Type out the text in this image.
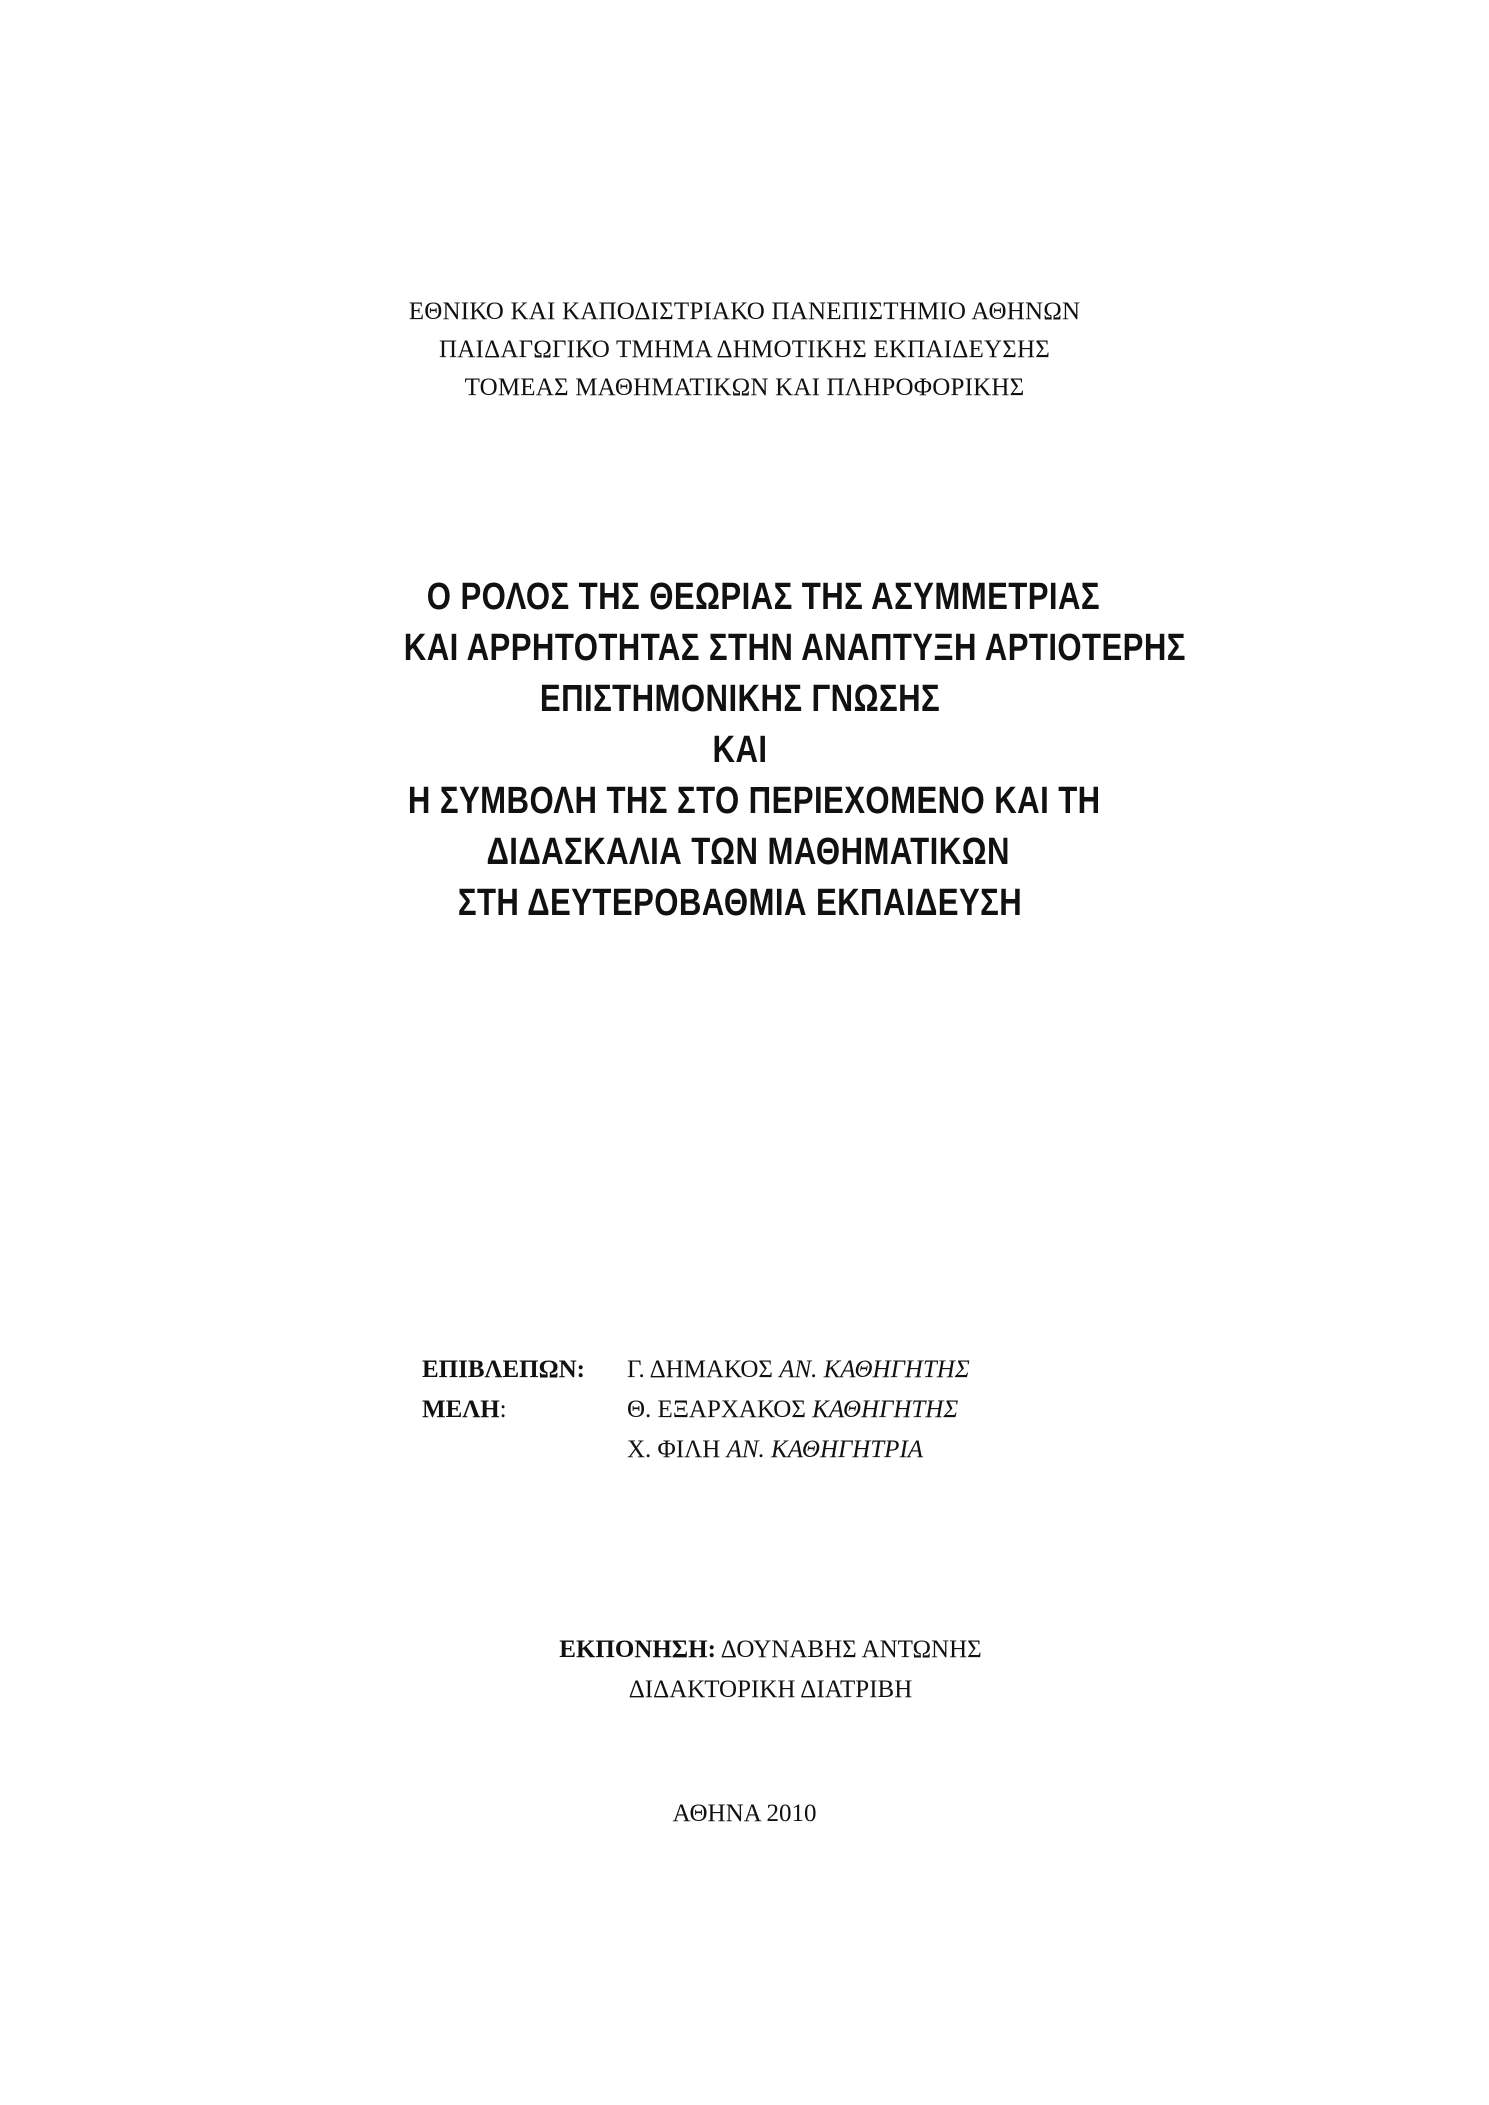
ΕΘΝΙΚΟ ΚΑΙ ΚΑΠΟΔΙΣΤΡΙΑΚΟ ΠΑΝΕΠΙΣΤΗΜΙΟ ΑΘΗΝΩΝ
ΠΑΙΔΑΓΩΓΙΚΟ ΤΜΗΜΑ ΔΗΜΟΤΙΚΗΣ ΕΚΠΑΙΔΕΥΣΗΣ
ΤΟΜΕΑΣ ΜΑΘΗΜΑΤΙΚΩΝ ΚΑΙ ΠΛΗΡΟΦΟΡΙΚΗΣ
Ο ΡΟΛΟΣ ΤΗΣ ΘΕΩΡΙΑΣ ΤΗΣ ΑΣΥΜΜΕΤΡΙΑΣ
ΚΑΙ ΑΡΡΗΤΟΤΗΤΑΣ ΣΤΗΝ ΑΝΑΠΤΥΞΗ ΑΡΤΙΟΤΕΡΗΣ
ΕΠΙΣΤΗΜΟΝΙΚΗΣ ΓΝΩΣΗΣ
ΚΑΙ
Η ΣΥΜΒΟΛΗ ΤΗΣ ΣΤΟ ΠΕΡΙΕΧΟΜΕΝΟ ΚΑΙ ΤΗ
ΔΙΔΑΣΚΑΛΙΑ ΤΩΝ ΜΑΘΗΜΑΤΙΚΩΝ
ΣΤΗ ΔΕΥΤΕΡΟΒΑΘΜΙΑ ΕΚΠΑΙΔΕΥΣΗ
ΕΠΙΒΛΕΠΩΝ:	Γ. ΔΗΜΑΚΟΣ
ΑΝ. ΚΑΘΗΓΗΤΗΣ
ΜΕΛΗ:	Θ. ΕΞΑΡΧΑΚΟΣ
ΚΑΘΗΓΗΤΗΣ
Χ. ΦΙΛΗ
ΑΝ. ΚΑΘΗΓΗΤΡΙΑ
ΕΚΠΟΝΗΣΗ: ΔΟΥΝΑΒΗΣ ΑΝΤΩΝΗΣ
ΔΙΔΑΚΤΟΡΙΚΗ ΔΙΑΤΡΙΒΗ
ΑΘΗΝΑ 2010
